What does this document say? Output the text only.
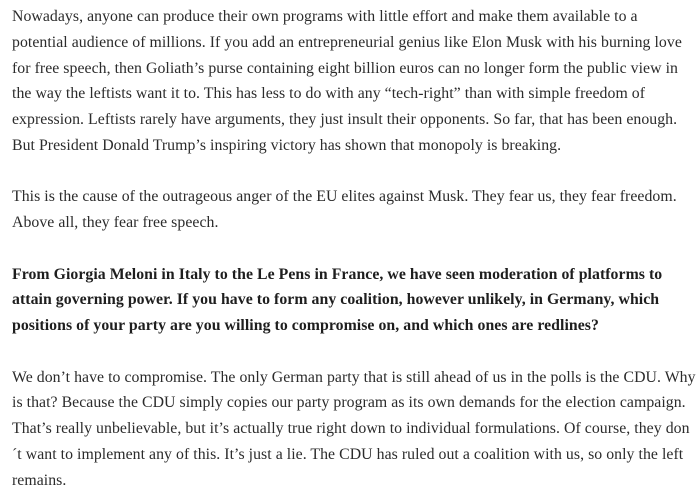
Nowadays, anyone can produce their own programs with little effort and make them available to a potential audience of millions. If you add an entrepreneurial genius like Elon Musk with his burning love for free speech, then Goliath’s purse containing eight billion euros can no longer form the public view in the way the leftists want it to. This has less to do with any “tech-right” than with simple freedom of expression. Leftists rarely have arguments, they just insult their opponents. So far, that has been enough. But President Donald Trump’s inspiring victory has shown that monopoly is breaking.

This is the cause of the outrageous anger of the EU elites against Musk. They fear us, they fear freedom. Above all, they fear free speech.

From Giorgia Meloni in Italy to the Le Pens in France, we have seen moderation of platforms to attain governing power. If you have to form any coalition, however unlikely, in Germany, which positions of your party are you willing to compromise on, and which ones are redlines?

We don’t have to compromise. The only German party that is still ahead of us in the polls is the CDU. Why is that? Because the CDU simply copies our party program as its own demands for the election campaign. That’s really unbelievable, but it’s actually true right down to individual formulations. Of course, they don´t want to implement any of this. It’s just a lie. The CDU has ruled out a coalition with us, so only the left remains.
